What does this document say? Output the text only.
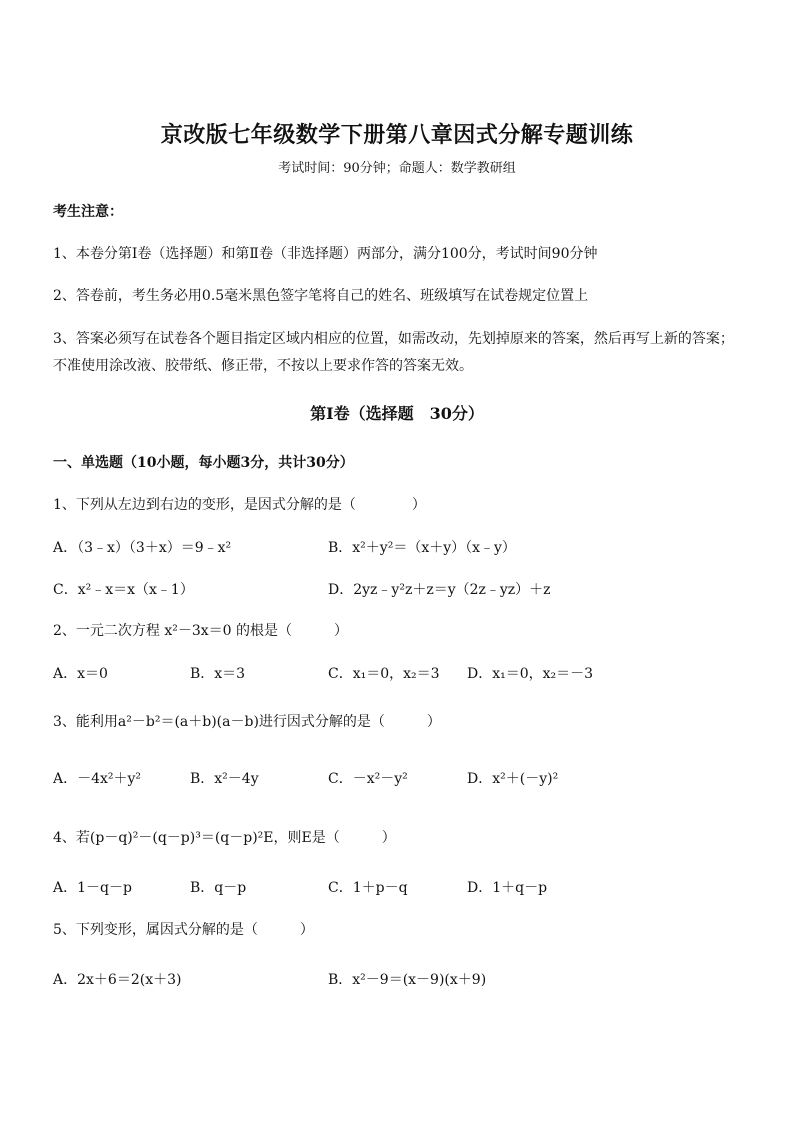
京改版七年级数学下册第八章因式分解专题训练
考试时间：90分钟；命题人：数学教研组
考生注意：
1、本卷分第Ⅰ卷（选择题）和第Ⅱ卷（非选择题）两部分，满分100分，考试时间90分钟
2、答卷前，考生务必用0.5毫米黑色签字笔将自己的姓名、班级填写在试卷规定位置上
3、答案必须写在试卷各个题目指定区域内相应的位置，如需改动，先划掉原来的答案，然后再写上新的答案；不准使用涂改液、胶带纸、修正带，不按以上要求作答的答案无效。
第Ⅰ卷（选择题　30分）
一、单选题（10小题，每小题3分，共计30分）
1、下列从左边到右边的变形，是因式分解的是（　　　　）
A．（3﹣x）（3＋x）＝9﹣x²	B．x²＋y²＝（x＋y）（x﹣y）
C．x²﹣x＝x（x﹣1）	D．2yz﹣y²z＋z＝y（2z﹣yz）＋z
2、一元二次方程 x²－3x＝0 的根是（　　　）
A．x＝0	B．x＝3	C．x₁＝0，x₂＝3 D．x₁＝0，x₂＝－3
3、能利用a²－b²＝(a＋b)(a－b)进行因式分解的是（　　　）
A．－4x²＋y²	B．x²－4y	C．－x²－y²	D．x²＋(－y)²
4、若(p－q)²－(q－p)³＝(q－p)²E，则E是（　　　）
A．1－q－p	B．q－p	C．1＋p－q	D．1＋q－p
5、下列变形，属因式分解的是（　　　）
A．2x＋6＝2(x＋3)	B．x²－9＝(x－9)(x＋9)
